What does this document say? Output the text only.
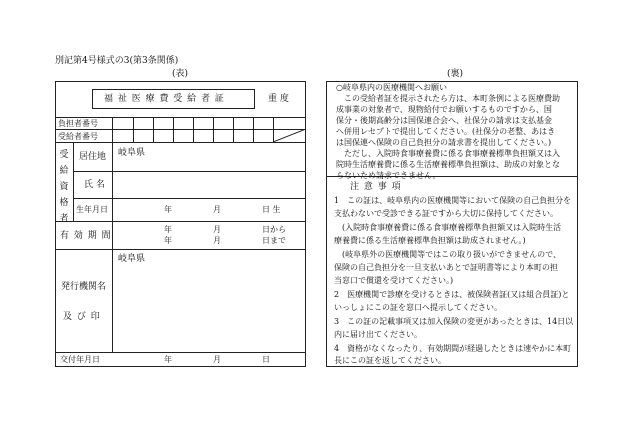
別記第4号様式の3(第3条関係)
(表)	(裏)
福 祉 医 療 費 受 給 者 証	重 度
負担者番号
受給者番号
受
給
資
格
者
居住地 岐阜県
氏 名
生年月日	年	月	日 生
有 効 期 間
年	月	日から
年	月	日まで
岐阜県
発行機関名
及 び 印
交付年月日	年	月	日
○岐阜県内の医療機関へお願い
　この受給者証を提示されたら方は、本町条例による医療費助
成事業の対象者で、現物給付でお願いするものですから、国
保分・後期高齢分は国保連合会へ、社保分の請求は支払基金
へ併用レセプトで提出してください。(社保分の老整、あはき
は国保連へ保険の自己負担分の請求書を提出してください。)
　ただし、入院時食事療養費に係る食事療養標準負担額又は入
院時生活療養費に係る生活療養標準負担額は、助成の対象とな
らないため請求できません。
注 意 事 項
1　この証は、岐阜県内の医療機関等において保険の自己負担分を
支払わないで受診できる証ですから大切に保持してください。
　(入院時食事療養費に係る食事療養標準負担額又は入院時生活
療養費に係る生活療養標準負担額は助成されません。)
　(岐阜県外の医療機関等ではこの取り扱いができませんので、
保険の自己負担分を一旦支払いあとで証明書等により本町の担
当窓口で償還を受けてください。)
2　医療機関で診療を受けるときは、被保険者証(又は組合員証)と
いっしょにこの証を窓口へ提示してください。
3　この証の記載事項又は加入保険の変更があったときは、14日以
内に届け出てください。
4　資格がなくなったり、有効期間が経過したときは速やかに本町
長にこの証を返してください。
